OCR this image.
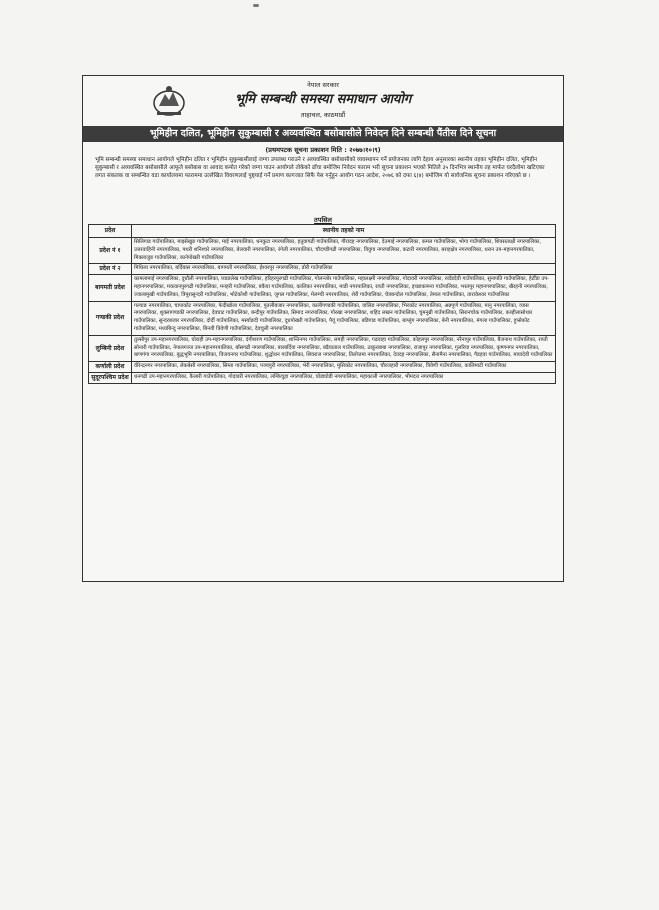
नेपाल सरकार
भूमि सम्बन्धी समस्या समाधान आयोग
ताहाचल, काठमाडौं
भूमिहीन दलित, भूमिहीन सुकुम्बासी र अव्यवस्थित बसोबासीले निवेदन दिने सम्बन्धी पैंतीस दिने सूचना
(प्रथमपटक सूचना प्रकाशन मिति : २०७७।१०।९)
भूमि सम्बन्धी समस्या समाधान आयोगले भूमिहीन दलित र भूमिहीन सुकुम्बासीलाई जग्गा उपलब्ध गराउने र अव्यवस्थित बसोबासीको व्यवस्थापन गर्ने प्रयोजनका लागि देहाय अनुसारका स्थानीय तहका भूमिहीन दलित, भूमिहीन सुकुम्बासी र अव्यवस्थित बसोबासीले आफूले बसोबास वा आवाद कमोत गरेको जग्गा पाउन आयोगले तोकेको ढाँचा बमोजिम निवेदन फाराम भरी सूचना प्रकाशन भएको मितिले ३५ दिनभित्र स्थानीय तह मार्फत घरदैलोमा खटिएका लगत संकलक वा सम्बन्धित वडा कार्यालयमा फाराममा उल्लेखित विवरणलाई पुष्ट्याई गर्ने प्रमाण कागजात सिफै पेस गर्नुहुन आयोग गठन आदेश, २०७६ को दफा ६(४) बमोजिम यो सार्वजनिक सूचना प्रकाशन गरिएको छ ।
तपसिल
प्रदेश	स्थानीय तहको नाम
प्रदेश नं १	सिलिगाड गाउँपालिका, माइसेखुङ गाउँपालिका, माई नगरपालिका, धनकुटा नगरपालिका, हतुवागढी गाउँपालिका, गौरादह नगरपालिका, देउमाई नगरपालिका, कमल गाउँपालिका, भाेगा गाउँपालिका, शिवसताक्षी नगरपालिका, उत्तरवाहिनी नगरपालिका, पथरी शनिश्चरे नगरपालिका, बेलवारी नगरपालिका, रंगेली नगरपालिका, चौदण्डीगढी नगरपालिका, त्रियुगा नगरपालिका, कटारी नगरपालिका, बराहक्षेत्र नगरपालिका, धरान उप-महानगरपालिका, मिक्लाजुङ गाउँपालिका, कानेपोखरी गाउँपालिका
प्रदेश नं २	मिथिला नगरपालिका, बर्दिबास नगरपालिका, बागमती नगरपालिका, ईश्वरपुर नगरपालिका, डोरी गाउँपालिका
बागमती प्रदेश	कामलामाई नगरपालिका, दुधौली नगरपालिका, घ्याङलेख गाउँपालिका, हरिहरपुरगढी गाउँपालिका, गोलन्जोर गाउँपालिका, महालक्ष्मी नगरपालिका, गोदावरी नगरपालिका, रवाँडदेवी गाउँपालिका, सुनापति गाउँपालिका, हेटौँडा उप-महानगरपालिका, मकवानपुरगढी गाउँपालिका, मनहरी गाउँपालिका, बकैया गाउँपालिका, कालिका नगरपालिका, माडी नगरपालिका, राप्ती नगरपालिका, इच्छाकामना गाउँपालिका, भरतपुर महानगरपालिका, खैरहनी नगरपालिका, ज्वालामुखी गाउँपालिका, त्रिपुरासुन्दरी गाउँपालिका, भोटेकोशी गाउँपालिका, जुगल गाउँपालिका, मेलम्ची नगरपालिका, शेरी गाउँपालिका, चेत्रबन्दोल गाउँपालिका, तेमाल गाउँपालिका, ताराकेश्वर गाउँपालिका
गण्डकी प्रदेश	गल्याङ नगरपालिका, चापाकोट नगरपालिका, फेदीखोला गाउँपालिका, पुतलीबजार नगरपालिका, कालीगण्डकी गाउँपालिका, वालिङ नगरपालिका, भिरकोट नगरपालिका, अन्नपूर्ण गाउँपालिका, मानु नगरपालिका, व्यास नगरपालिका, शुक्लागण्डकी नगरपालिका, देवघाट गाउँपालिका, बन्दीपुर गाउँपालिका, सिमाद नगरपालिका, गोरखा नगरपालिका, शहिद लखन गाउँपालिका, चुमनुब्री गाउँपालिका, सिरानचोक गाउँपालिका, कब्हीलासोथार गाउँपालिका, सुन्दरबजार नगरपालिका, दोर्दी गाउँपालिका, मर्स्याङदी गाउँपालिका, दूधपोखरी गाउँपालिका, पैयूं गाउँपालिका, बडिगाड गाउँपालिका, बाग्लुंग नगरपालिका, बेनी नगरपालिका, मंगला गाउँपालिका, हुप्सेकोट गाउँपालिका, मध्यबिन्दु नगरपालिका, बिनयी त्रिवेणी गाउँपालिका, देवचुली नगरपालिका
लुम्बिनी प्रदेश	तुल्सीपुर उप-महानगरपालिका, घोराही उप-महानगरपालिका, दंगीशरण गाउँपालिका, शान्तिनगर गाउँपालिका, लमही नगरपालिका, गढवाहा गाउँपालिका, कोहलपुर नगरपालिका, नरैनापुर गाउँपालिका, बैजनाथ गाउँपालिका, राप्ती सोनारी गाउँपालिका, नेपालगञ्ज उप-महानगरपालिका, बाँसगढी नगरपालिका, बारबर्दिया नगरपालिका, बढैयाताल गाउँपालिका, ठाकुरबाबा नगरपालिका, राजापुर नगरपालिका, गुलरिया नगरपालिका, कृष्णनगर नगरपालिका, बाणगंगा नगरपालिका, बुद्धभूमि नगरपालिका, विजयनगर गाउँपालिका, शुद्धोधन गाउँपालिका, शिवराज नगरपालिका, तिलोत्तमा नगरपालिका, देवदह नगरपालिका, सैनामैना नगरपालिका, गैडहवा गाउँपालिका, मायादेवी गाउँपालिका
कर्णाली प्रदेश	वीरेन्द्रनगर नगरपालिका, लेकबेसी नगरपालिका, सिम्ता गाउँपालिका, पञ्चपुरी नगरपालिका, भेरी नगरपालिका, मुसिकोट नगरपालिका, चौरजहारी नगरपालिका, त्रिवेणी गाउँपालिका, कालिमाटी गाउँपालिका
सुदूरपश्चिम प्रदेश	धनगढी उप-महानगरपालिका, कैलारी गाउँपालिका, गोदावरी नगरपालिका, लम्किचुहा नगरपालिका, घोडाघोडी नगरपालिका, महाकाली नगरपालिका, भीमदत्त नगरपालिका
